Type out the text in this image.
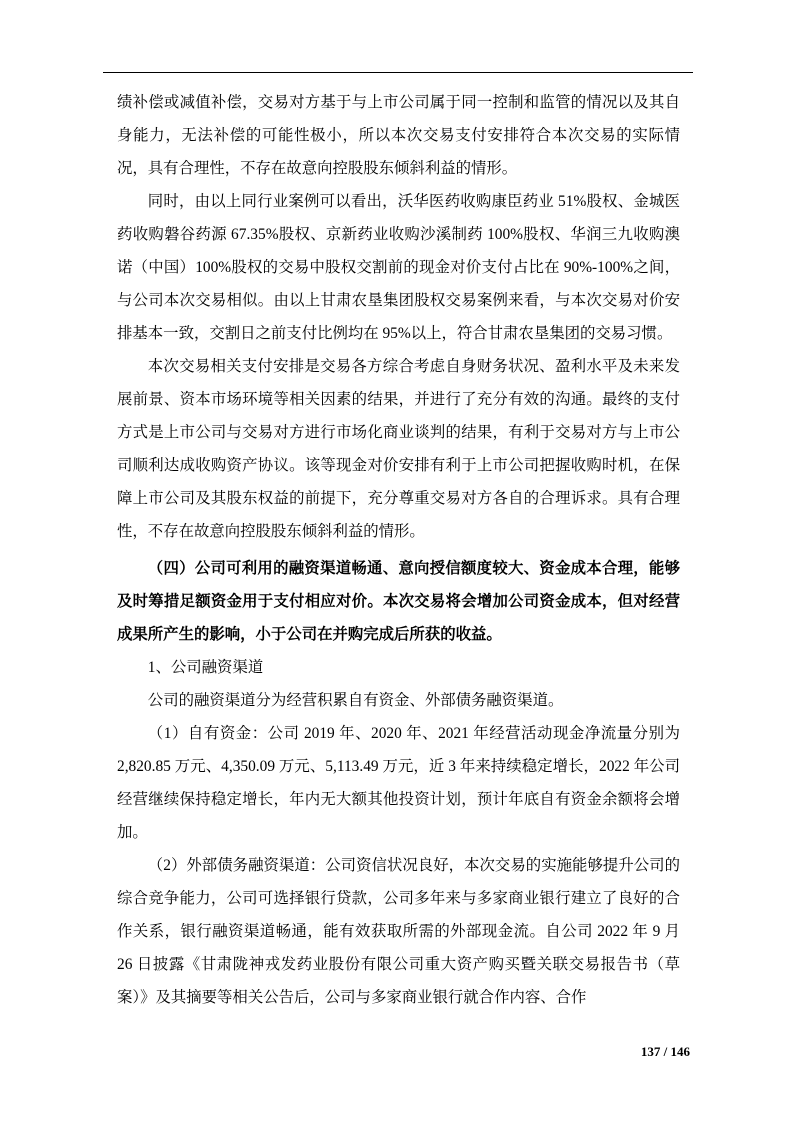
绩补偿或减值补偿，交易对方基于与上市公司属于同一控制和监管的情况以及其自身能力，无法补偿的可能性极小，所以本次交易支付安排符合本次交易的实际情况，具有合理性，不存在故意向控股股东倾斜利益的情形。

同时，由以上同行业案例可以看出，沃华医药收购康臣药业 51%股权、金城医药收购磐谷药源 67.35%股权、京新药业收购沙溪制药 100%股权、华润三九收购澳诺（中国）100%股权的交易中股权交割前的现金对价支付占比在 90%-100%之间，与公司本次交易相似。由以上甘肃农垦集团股权交易案例来看，与本次交易对价安排基本一致，交割日之前支付比例均在 95%以上，符合甘肃农垦集团的交易习惯。

本次交易相关支付安排是交易各方综合考虑自身财务状况、盈利水平及未来发展前景、资本市场环境等相关因素的结果，并进行了充分有效的沟通。最终的支付方式是上市公司与交易对方进行市场化商业谈判的结果，有利于交易对方与上市公司顺利达成收购资产协议。该等现金对价安排有利于上市公司把握收购时机，在保障上市公司及其股东权益的前提下，充分尊重交易对方各自的合理诉求。具有合理性，不存在故意向控股股东倾斜利益的情形。

（四）公司可利用的融资渠道畅通、意向授信额度较大、资金成本合理，能够及时筹措足额资金用于支付相应对价。本次交易将会增加公司资金成本，但对经营成果所产生的影响，小于公司在并购完成后所获的收益。

1、公司融资渠道

公司的融资渠道分为经营积累自有资金、外部债务融资渠道。

（1）自有资金：公司 2019 年、2020 年、2021 年经营活动现金净流量分别为 2,820.85 万元、4,350.09 万元、5,113.49 万元，近 3 年来持续稳定增长，2022 年公司经营继续保持稳定增长，年内无大额其他投资计划，预计年底自有资金余额将会增加。

（2）外部债务融资渠道：公司资信状况良好，本次交易的实施能够提升公司的综合竞争能力，公司可选择银行贷款，公司多年来与多家商业银行建立了良好的合作关系，银行融资渠道畅通，能有效获取所需的外部现金流。自公司 2022 年 9 月 26 日披露《甘肃陇神戎发药业股份有限公司重大资产购买暨关联交易报告书（草案）》及其摘要等相关公告后，公司与多家商业银行就合作内容、合作

137 / 146
